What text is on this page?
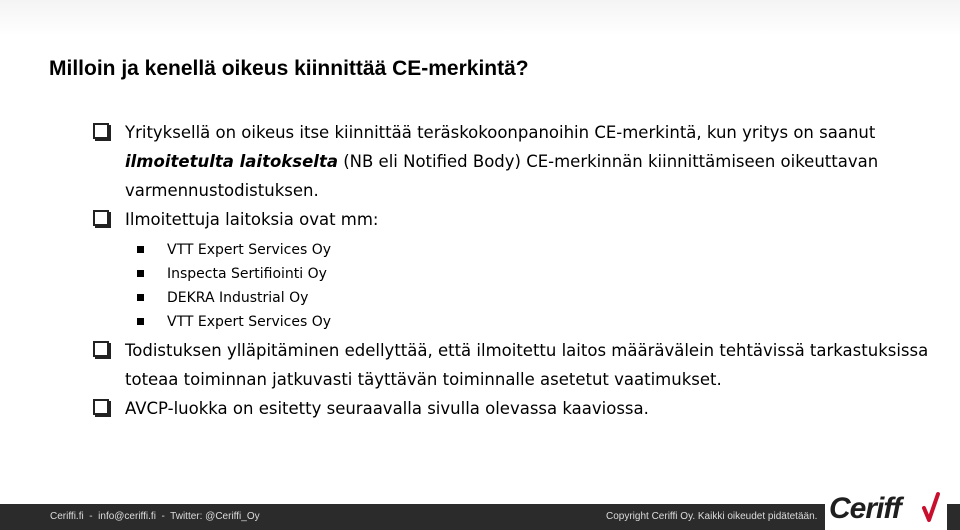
Milloin ja kenellä oikeus kiinnittää CE-merkintä?
Yrityksellä on oikeus itse kiinnittää teräskokoonpanoihin CE-merkintä, kun yritys on saanut ilmoitetulta laitokselta (NB eli Notified Body) CE-merkinnän kiinnittämiseen oikeuttavan varmennustodistuksen.
Ilmoitettuja laitoksia ovat mm:
VTT Expert Services Oy
Inspecta Sertifiointi Oy
DEKRA Industrial Oy
VTT Expert Services Oy
Todistuksen ylläpitäminen edellyttää, että ilmoitettu laitos määrävälein tehtävissä tarkastuksissa toteaa toiminnan jatkuvasti täyttävän toiminnalle asetetut vaatimukset.
AVCP-luokka on esitetty seuraavalla sivulla olevassa kaaviossa.
Ceriffi.fi  -  info@ceriffi.fi  -  Twitter: @Ceriffi_Oy	Copyright Ceriffi Oy. Kaikki oikeudet pidätetään. Ceriff
